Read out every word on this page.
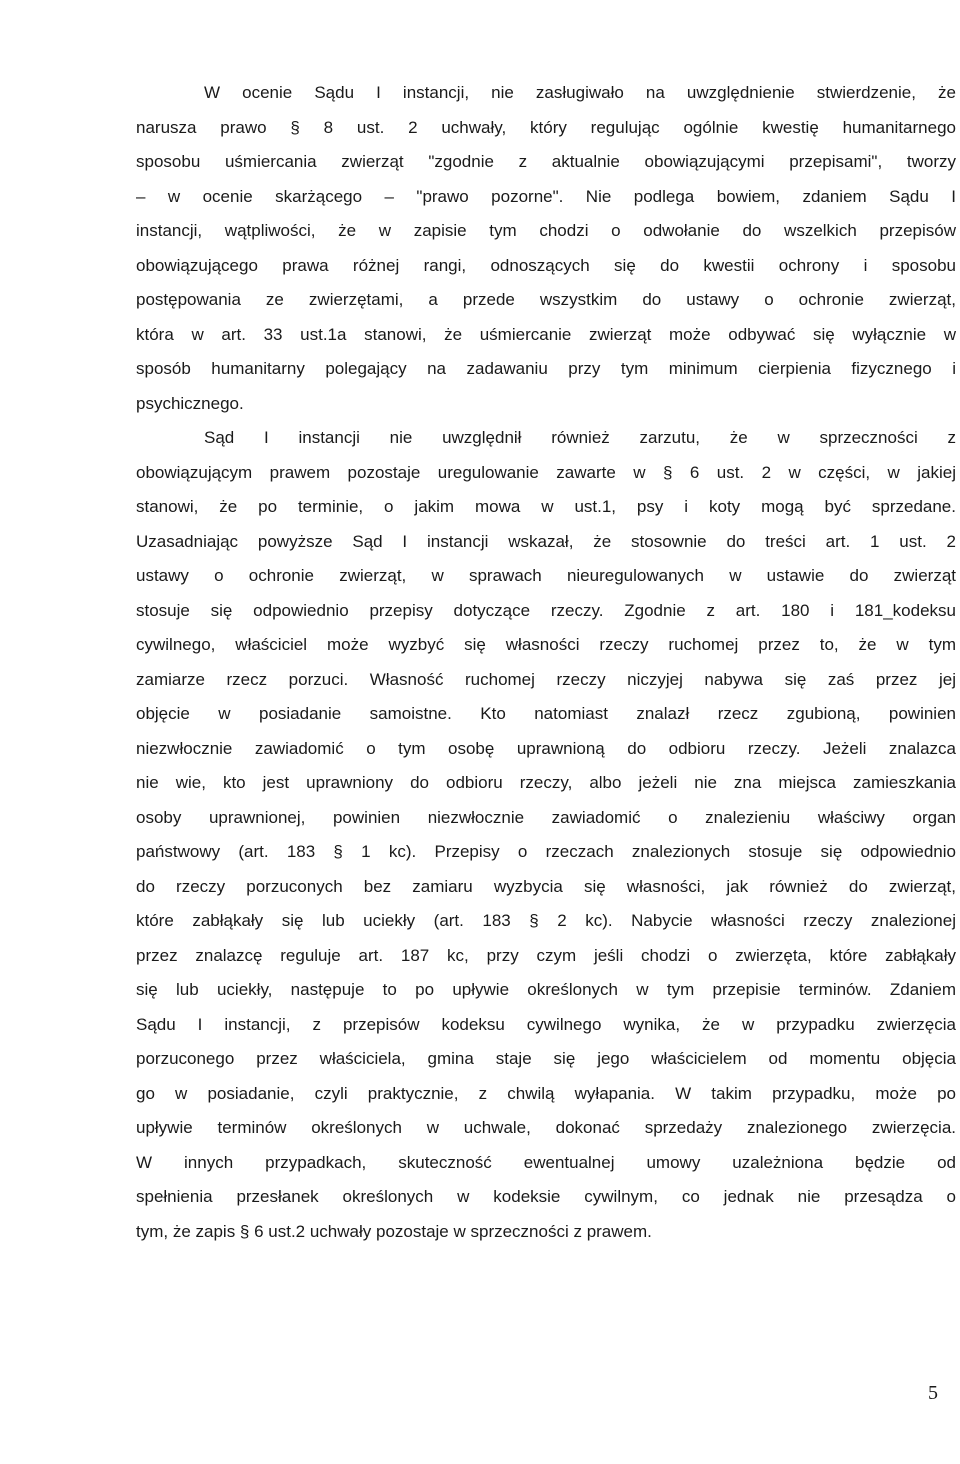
W ocenie Sądu I instancji, nie zasługiwało na uwzględnienie stwierdzenie, że
narusza prawo § 8 ust. 2 uchwały, który regulując ogólnie kwestię humanitarnego
sposobu uśmiercania zwierząt "zgodnie z aktualnie obowiązującymi przepisami", tworzy
– w ocenie skarżącego – "prawo pozorne". Nie podlega bowiem, zdaniem Sądu I
instancji, wątpliwości, że w zapisie tym chodzi o odwołanie do wszelkich przepisów
obowiązującego prawa różnej rangi, odnoszących się do kwestii ochrony i sposobu
postępowania ze zwierzętami, a przede wszystkim do ustawy o ochronie zwierząt,
która w art. 33 ust.1a stanowi, że uśmiercanie zwierząt może odbywać się wyłącznie w
sposób humanitarny polegający na zadawaniu przy tym minimum cierpienia fizycznego i
psychicznego.
Sąd I instancji nie uwzględnił również zarzutu, że w sprzeczności z
obowiązującym prawem pozostaje uregulowanie zawarte w § 6 ust. 2 w części, w jakiej
stanowi, że po terminie, o jakim mowa w ust.1, psy i koty mogą być sprzedane.
Uzasadniając powyższe Sąd I instancji wskazał, że stosownie do treści art. 1 ust. 2
ustawy o ochronie zwierząt, w sprawach nieuregulowanych w ustawie do zwierząt
stosuje się odpowiednio przepisy dotyczące rzeczy. Zgodnie z art. 180 i 181_kodeksu
cywilnego, właściciel może wyzbyć się własności rzeczy ruchomej przez to, że w tym
zamiarze rzecz porzuci. Własność ruchomej rzeczy niczyjej nabywa się zaś przez jej
objęcie w posiadanie samoistne. Kto natomiast znalazł rzecz zgubioną, powinien
niezwłocznie zawiadomić o tym osobę uprawnioną do odbioru rzeczy. Jeżeli znalazca
nie wie, kto jest uprawniony do odbioru rzeczy, albo jeżeli nie zna miejsca zamieszkania
osoby uprawnionej, powinien niezwłocznie zawiadomić o znalezieniu właściwy organ
państwowy (art. 183 § 1 kc). Przepisy o rzeczach znalezionych stosuje się odpowiednio
do rzeczy porzuconych bez zamiaru wyzbycia się własności, jak również do zwierząt,
które zabłąkały się lub uciekły (art. 183 § 2 kc). Nabycie własności rzeczy znalezionej
przez znalazcę reguluje art. 187 kc, przy czym jeśli chodzi o zwierzęta, które zabłąkały
się lub uciekły, następuje to po upływie określonych w tym przepisie terminów. Zdaniem
Sądu I instancji, z przepisów kodeksu cywilnego wynika, że w przypadku zwierzęcia
porzuconego przez właściciela, gmina staje się jego właścicielem od momentu objęcia
go w posiadanie, czyli praktycznie, z chwilą wyłapania. W takim przypadku, może po
upływie terminów określonych w uchwale, dokonać sprzedaży znalezionego zwierzęcia.
W innych przypadkach, skuteczność ewentualnej umowy uzależniona będzie od
spełnienia przesłanek określonych w kodeksie cywilnym, co jednak nie przesądza o
tym, że zapis § 6 ust.2 uchwały pozostaje w sprzeczności z prawem.
5
